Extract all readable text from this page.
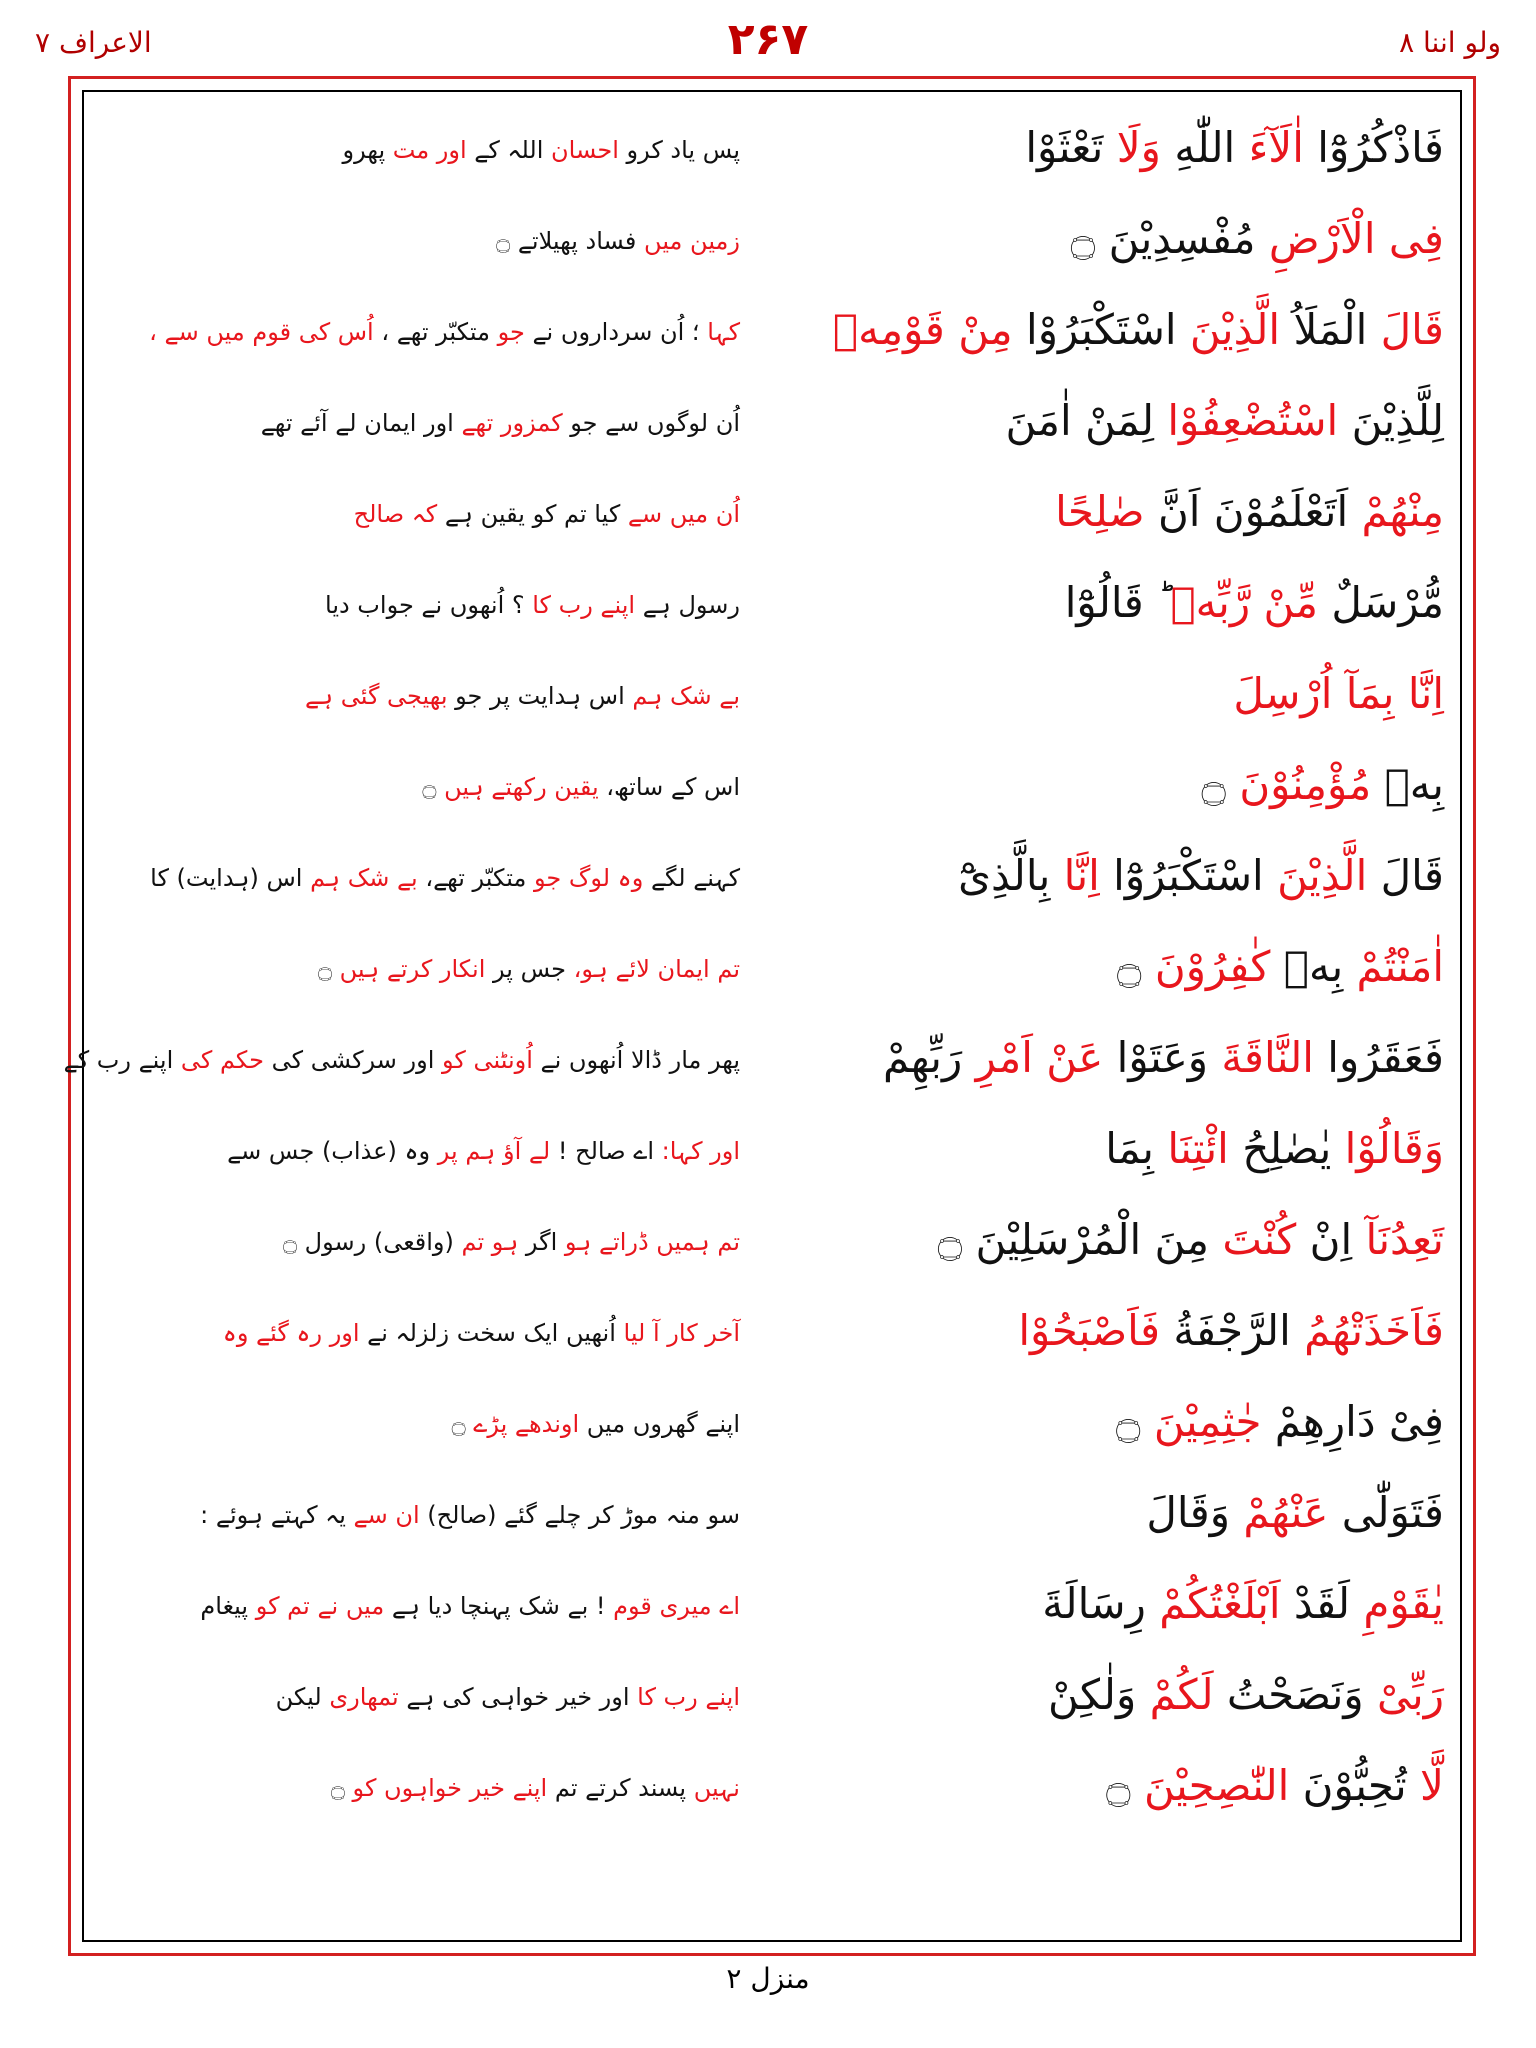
الاعراف ۷	۲۶۷	ولو اننا ۸
فَاذْكُرُوْٓا اٰلَآءَ اللّٰهِ وَلَا تَعْثَوْا
پس یاد کرو احسان اللہ کے اور مت پھرو
فِی الْاَرْضِ مُفْسِدِیْنَ ۝
زمین میں فساد پھیلاتے ۝
قَالَ الْمَلَاُ الَّذِیْنَ اسْتَكْبَرُوْا مِنْ قَوْمِهٖ
کہا ؛ اُن سرداروں نے جو متکبّر تھے ، اُس کی قوم میں سے ،
لِلَّذِیْنَ اسْتُضْعِفُوْا لِمَنْ اٰمَنَ
اُن لوگوں سے جو کمزور تھے اور ایمان لے آئے تھے
مِنْهُمْ اَتَعْلَمُوْنَ اَنَّ صٰلِحًا
اُن میں سے کیا تم کو یقین ہے کہ صالح
مُّرْسَلٌ مِّنْ رَّبِّهٖ ؕ قَالُوْٓا
رسول ہے اپنے رب کا ؟ اُنھوں نے جواب دیا
اِنَّا بِمَآ اُرْسِلَ
بے شک ہم اس ہدایت پر جو بھیجی گئی ہے
بِهٖ مُؤْمِنُوْنَ ۝
اس کے ساتھ، یقین رکھتے ہیں ۝
قَالَ الَّذِیْنَ اسْتَكْبَرُوْٓا اِنَّا بِالَّذِیْٓ
کہنے لگے وہ لوگ جو متکبّر تھے، بے شک ہم اس (ہدایت) کا
اٰمَنْتُمْ بِهٖ كٰفِرُوْنَ ۝
تم ایمان لائے ہو، جس پر انکار کرتے ہیں ۝
فَعَقَرُوا النَّاقَةَ وَعَتَوْا عَنْ اَمْرِ رَبِّهِمْ
پھر مار ڈالا اُنھوں نے اُونٹنی کو اور سرکشی کی حکم کی اپنے رب کے
وَقَالُوْا یٰصٰلِحُ ائْتِنَا بِمَا
اور کہا: اے صالح ! لے آؤ ہم پر وہ (عذاب) جس سے
تَعِدُنَآ اِنْ كُنْتَ مِنَ الْمُرْسَلِیْنَ ۝
تم ہمیں ڈراتے ہو اگر ہو تم (واقعی) رسول ۝
فَاَخَذَتْهُمُ الرَّجْفَةُ فَاَصْبَحُوْا
آخر کار آ لیا اُنھیں ایک سخت زلزلہ نے اور رہ گئے وہ
فِیْ دَارِهِمْ جٰثِمِیْنَ ۝
اپنے گھروں میں اوندھے پڑے ۝
فَتَوَلّٰی عَنْهُمْ وَقَالَ
سو منہ موڑ کر چلے گئے (صالح) ان سے یہ کہتے ہوئے :
یٰقَوْمِ لَقَدْ اَبْلَغْتُكُمْ رِسَالَةَ
اے میری قوم ! بے شک پہنچا دیا ہے میں نے تم کو پیغام
رَبِّیْ وَنَصَحْتُ لَكُمْ وَلٰكِنْ
اپنے رب کا اور خیر خواہی کی ہے تمھاری لیکن
لَّا تُحِبُّوْنَ النّٰصِحِیْنَ ۝
نہیں پسند کرتے تم اپنے خیر خواہوں کو ۝
منزل ۲
